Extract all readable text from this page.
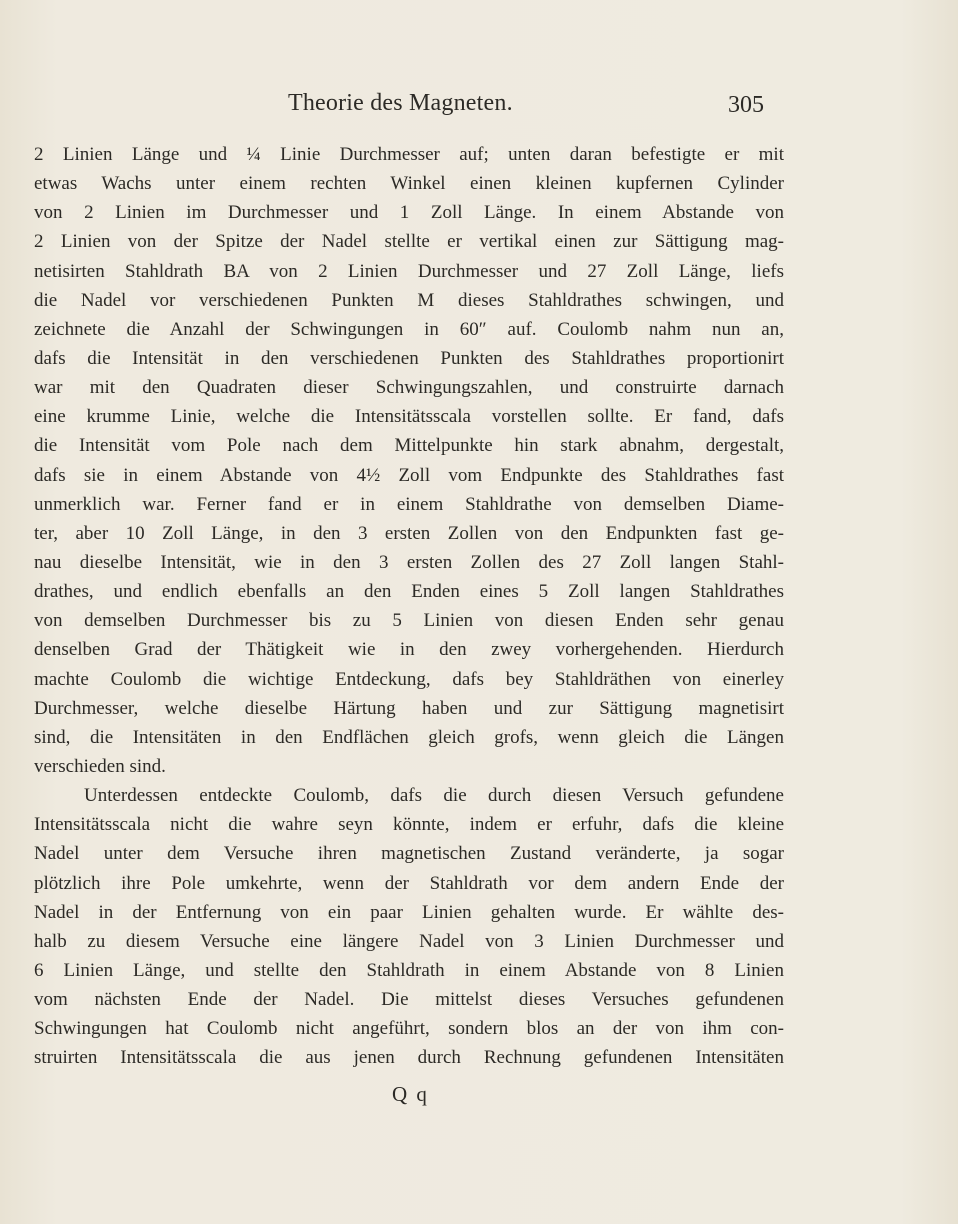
Theorie des Magneten.	305
2 Linien Länge und ¼ Linie Durchmesser auf; unten daran befestigte er mit
etwas Wachs unter einem rechten Winkel einen kleinen kupfernen Cylinder
von 2 Linien im Durchmesser und 1 Zoll Länge. In einem Abstande von
2 Linien von der Spitze der Nadel stellte er vertikal einen zur Sättigung mag-
netisirten Stahldrath BA von 2 Linien Durchmesser und 27 Zoll Länge, liefs
die Nadel vor verschiedenen Punkten M dieses Stahldrathes schwingen, und
zeichnete die Anzahl der Schwingungen in 60″ auf. Coulomb nahm nun an,
dafs die Intensität in den verschiedenen Punkten des Stahldrathes proportionirt
war mit den Quadraten dieser Schwingungszahlen, und construirte darnach
eine krumme Linie, welche die Intensitätsscala vorstellen sollte. Er fand, dafs
die Intensität vom Pole nach dem Mittelpunkte hin stark abnahm, dergestalt,
dafs sie in einem Abstande von 4½ Zoll vom Endpunkte des Stahldrathes fast
unmerklich war. Ferner fand er in einem Stahldrathe von demselben Diame-
ter, aber 10 Zoll Länge, in den 3 ersten Zollen von den Endpunkten fast ge-
nau dieselbe Intensität, wie in den 3 ersten Zollen des 27 Zoll langen Stahl-
drathes, und endlich ebenfalls an den Enden eines 5 Zoll langen Stahldrathes
von demselben Durchmesser bis zu 5 Linien von diesen Enden sehr genau
denselben Grad der Thätigkeit wie in den zwey vorhergehenden. Hierdurch
machte Coulomb die wichtige Entdeckung, dafs bey Stahldräthen von einerley
Durchmesser, welche dieselbe Härtung haben und zur Sättigung magnetisirt
sind, die Intensitäten in den Endflächen gleich grofs, wenn gleich die Längen
verschieden sind.
Unterdessen entdeckte Coulomb, dafs die durch diesen Versuch gefundene
Intensitätsscala nicht die wahre seyn könnte, indem er erfuhr, dafs die kleine
Nadel unter dem Versuche ihren magnetischen Zustand veränderte, ja sogar
plötzlich ihre Pole umkehrte, wenn der Stahldrath vor dem andern Ende der
Nadel in der Entfernung von ein paar Linien gehalten wurde. Er wählte des-
halb zu diesem Versuche eine längere Nadel von 3 Linien Durchmesser und
6 Linien Länge, und stellte den Stahldrath in einem Abstande von 8 Linien
vom nächsten Ende der Nadel. Die mittelst dieses Versuches gefundenen
Schwingungen hat Coulomb nicht angeführt, sondern blos an der von ihm con-
struirten Intensitätsscala die aus jenen durch Rechnung gefundenen Intensitäten
Q q
